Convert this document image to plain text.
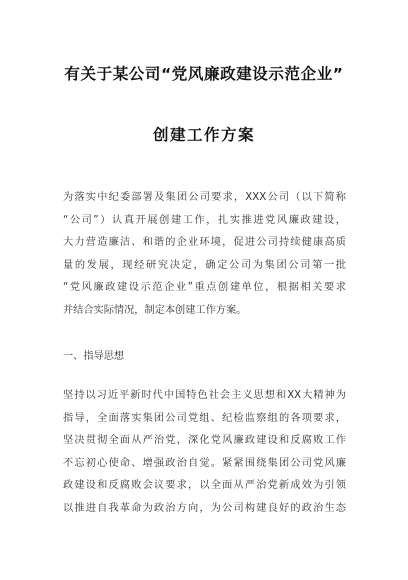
有关于某公司“党风廉政建设示范企业”
创建工作方案
为落实中纪委部署及集团公司要求，XXX公司（以下简称
“公司”）认真开展创建工作，扎实推进党风廉政建设，
大力营造廉洁、和谐的企业环境，促进公司持续健康高质
量的发展，现经研究决定，确定公司为集团公司第一批
“党风廉政建设示范企业”重点创建单位，根据相关要求
并结合实际情况，制定本创建工作方案。
一、指导思想
坚持以习近平新时代中国特色社会主义思想和XX大精神为
指导，全面落实集团公司党组、纪检监察组的各项要求，
坚决贯彻全面从严治党，深化党风廉政建设和反腐败工作
不忘初心使命、增强政治自觉。紧紧围绕集团公司党风廉
政建设和反腐败会议要求，以全面从严治党新成效为引领
以推进自我革命为政治方向，为公司构建良好的政治生态
